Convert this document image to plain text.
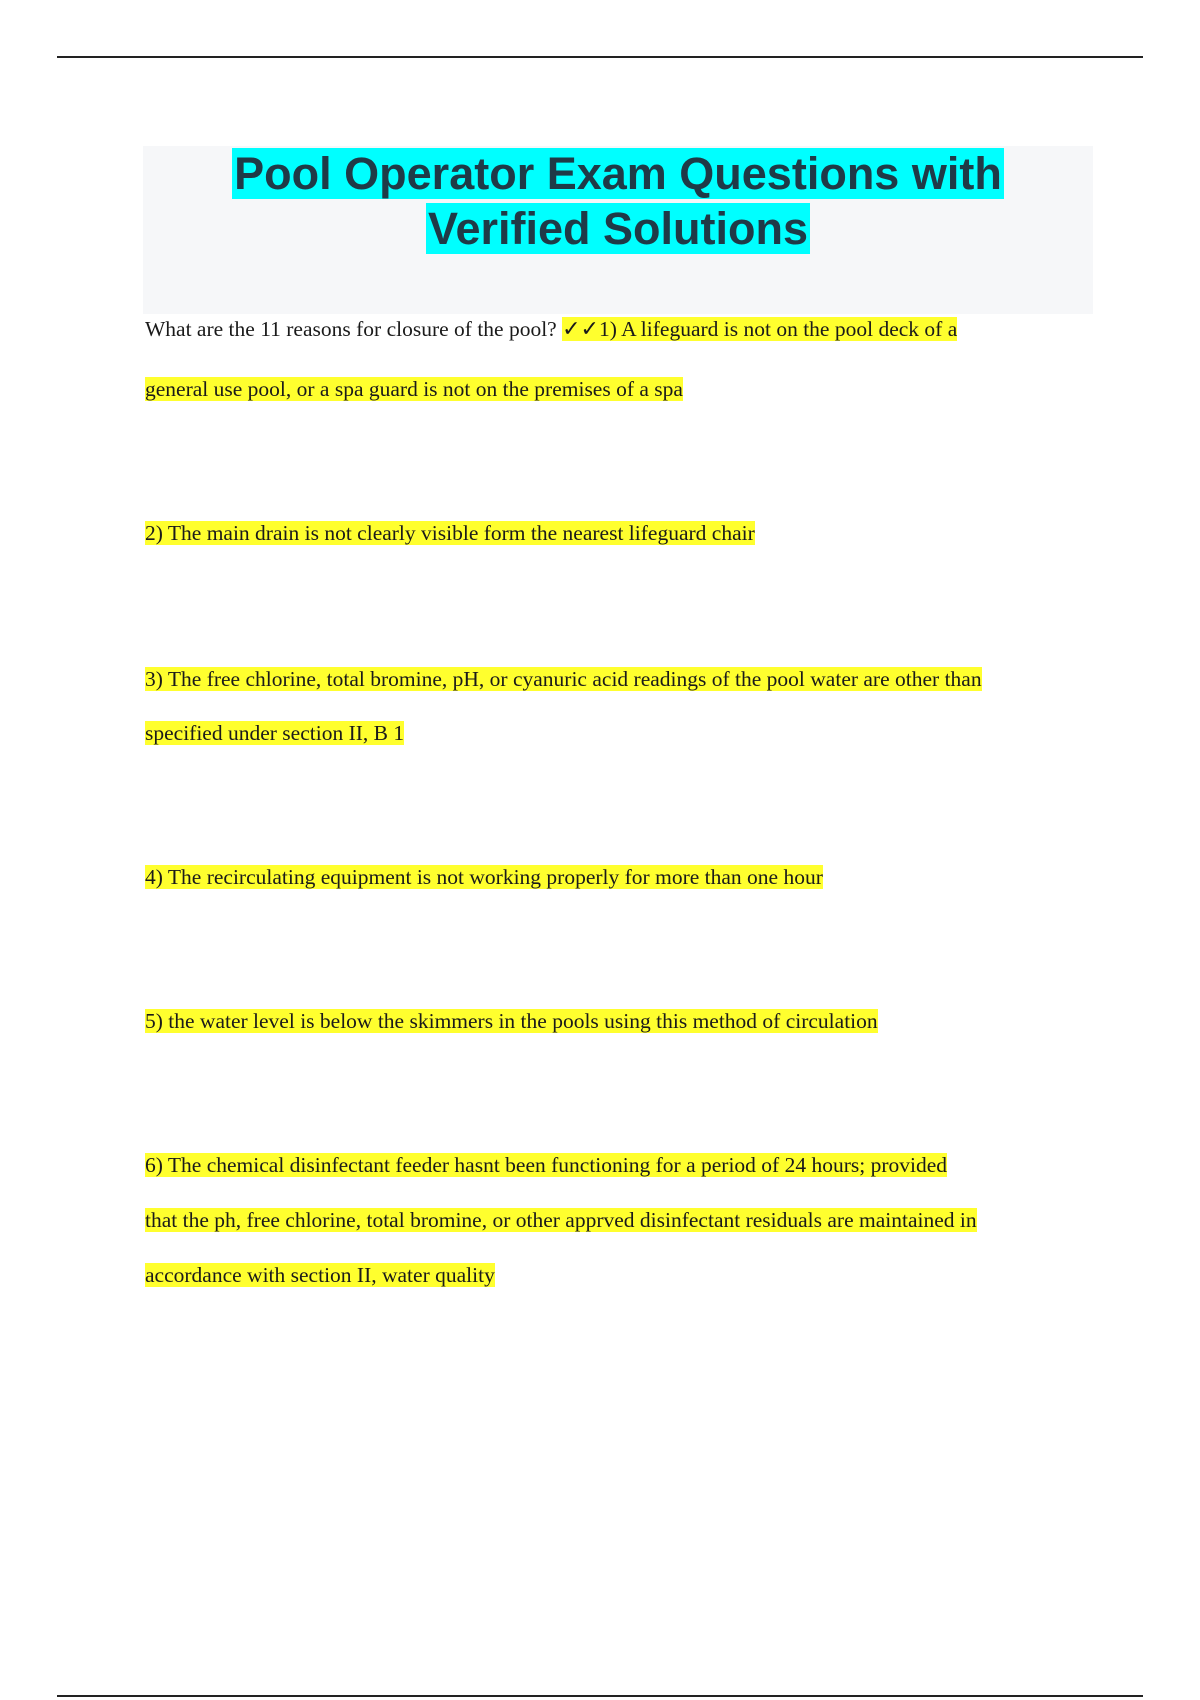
Pool Operator Exam Questions with
Verified Solutions

What are the 11 reasons for closure of the pool? ✓✓1) A lifeguard is not on the pool deck of a

general use pool, or a spa guard is not on the premises of a spa

2) The main drain is not clearly visible form the nearest lifeguard chair

3) The free chlorine, total bromine, pH, or cyanuric acid readings of the pool water are other than

specified under section II, B 1

4) The recirculating equipment is not working properly for more than one hour

5) the water level is below the skimmers in the pools using this method of circulation

6) The chemical disinfectant feeder hasnt been functioning for a period of 24 hours; provided

that the ph, free chlorine, total bromine, or other apprved disinfectant residuals are maintained in

accordance with section II, water quality
